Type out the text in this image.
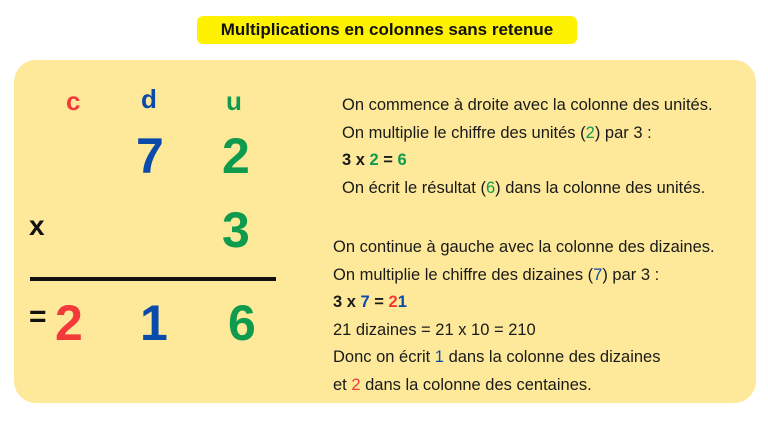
Multiplications en colonnes sans retenue
c d	u
7 2
x	3
= 2 1 6
On commence à droite avec la colonne des unités.
On multiplie le chiffre des unités (2) par 3 :
3 x 2 = 6
On écrit le résultat (6) dans la colonne des unités.
On continue à gauche avec la colonne des dizaines.
On multiplie le chiffre des dizaines (7) par 3 :
3 x 7 = 21
21 dizaines = 21 x 10 = 210
Donc on écrit 1 dans la colonne des dizaines
et 2 dans la colonne des centaines.
